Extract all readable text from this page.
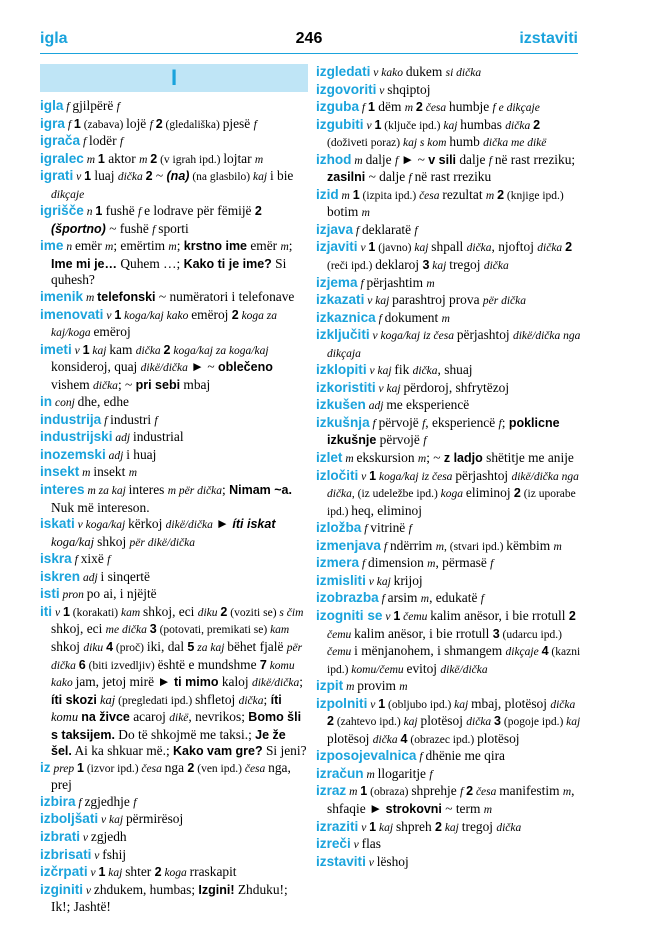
igla	246	izstaviti
I
igla f gjilpërë f
igra f 1 (zabava) lojë f 2 (gledališka) pjesë f
igrača f lodër f
igralec m 1 aktor m 2 (v igrah ipd.) lojtar m
igrati v 1 luaj dička 2 ~ (na) (na glasbilo) kaj i bie dikçaje
igrišče n 1 fushë f e lodrave për fëmijë 2 (športno) ~ fushë f sporti
ime n emër m; emërtim m; krstno ime emër m; Ime mi je… Quhem …; Kako ti je ime? Si quhesh?
imenik m telefonski ~ numëratori i telefonave
imenovati v 1 koga/kaj kako emëroj 2 koga za kaj/koga emëroj
imeti v 1 kaj kam dička 2 koga/kaj za koga/kaj konsideroj, quaj dikë/dička ► ~ oblečeno vishem dička; ~ pri sebi mbaj
in conj dhe, edhe
industrija f industri f
industrijski adj industrial
inozemski adj i huaj
insekt m insekt m
interes m za kaj interes m për dička; Nimam ~a. Nuk më intereson.
iskati v koga/kaj kërkoj dikë/dička ► íti iskat koga/kaj shkoj për dikë/dička
iskra f xixë f
iskren adj i sinqertë
isti pron po ai, i njëjtë
iti v 1 (korakati) kam shkoj, eci diku 2 (voziti se) s čim shkoj, eci me dička 3 (potovati, premikati se) kam shkoj diku 4 (proč) iki, dal 5 za kaj bëhet fjalë për dička 6 (biti izvedljiv) është e mundshme 7 komu kako jam, jetoj mirë ► ti mimo kaloj dikë/dička; íti skozi kaj (pregledati ipd.) shfletoj dička; íti komu na živce acaroj dikë, nevrikos; Bomo šli s taksijem. Do të shkojmë me taksi.; Je že šel. Ai ka shkuar më.; Kako vam gre? Si jeni?
iz prep 1 (izvor ipd.) česa nga 2 (ven ipd.) česa nga, prej
izbira f zgjedhje f
izboljšati v kaj përmirësoj
izbrati v zgjedh
izbrisati v fshij
izčrpati v 1 kaj shter 2 koga rraskapit
izginiti v zhdukem, humbas; Izgini! Zhduku!; Ik!; Jashtë!
izgledati v kako dukem si dička
izgovoriti v shqiptoj
izguba f 1 dëm m 2 česa humbje f e dikçaje
izgubiti v 1 (ključe ipd.) kaj humbas dička 2 (doživeti poraz) kaj s kom humb dička me dikë
izhod m dalje f ► ~ v sili dalje f në rast rreziku; zasilni ~ dalje f në rast rreziku
izid m 1 (izpita ipd.) česa rezultat m 2 (knjige ipd.) botim m
izjava f deklaratë f
izjaviti v 1 (javno) kaj shpall dička, njoftoj dička 2 (reči ipd.) deklaroj 3 kaj tregoj dička
izjema f përjashtim m
izkazati v kaj parashtroj prova për dička
izkaznica f dokument m
izključiti v koga/kaj iz česa përjashtoj dikë/dička nga dikçaja
izklopiti v kaj fik dička, shuaj
izkoristiti v kaj përdoroj, shfrytëzoj
izkušen adj me eksperiencë
izkušnja f përvojë f, eksperiencë f; poklicne izkušnje përvojë f
izlet m ekskursion m; ~ z ladjo shëtitje me anije
izločiti v 1 koga/kaj iz česa përjashtoj dikë/dička nga dička, (iz udeležbe ipd.) koga eliminoj 2 (iz uporabe ipd.) heq, eliminoj
izložba f vitrinë f
izmenjava f ndërrim m, (stvari ipd.) këmbim m
izmera f dimension m, përmasë f
izmisliti v kaj krijoj
izobrazba f arsim m, edukatë f
izogniti se v 1 čemu kalim anësor, i bie rrotull 2 čemu kalim anësor, i bie rrotull 3 (udarcu ipd.) čemu i mënjanohem, i shmangem dikçaje 4 (kazni ipd.) komu/čemu evitoj dikë/dička
izpit m provim m
izpolniti v 1 (obljubo ipd.) kaj mbaj, plotësoj dička 2 (zahtevo ipd.) kaj plotësoj dička 3 (pogoje ipd.) kaj plotësoj dička 4 (obrazec ipd.) plotësoj
izposojevalnica f dhënie me qira
izračun m llogaritje f
izraz m 1 (obraza) shprehje f 2 česa manifestim m, shfaqie ► strokovni ~ term m
izraziti v 1 kaj shpreh 2 kaj tregoj dička
izreči v flas
izstaviti v lëshoj
